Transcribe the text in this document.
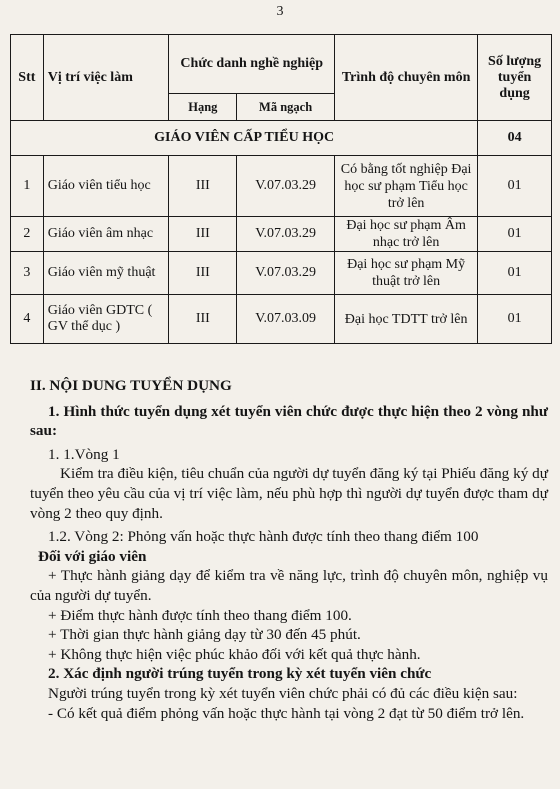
3
Stt	Vị trí việc làm	Chức danh nghề nghiệp		Trình độ chuyên môn	Số lượng tuyển dụng
		Hạng	Mã ngạch		
GIÁO VIÊN CẤP TIỂU HỌC					04
1	Giáo viên tiểu học	III	V.07.03.29	Có bằng tốt nghiệp Đại học sư phạm Tiểu học trở lên	01
2	Giáo viên âm nhạc	III	V.07.03.29	Đại học sư phạm Âm nhạc trở lên	01
3	Giáo viên mỹ thuật	III	V.07.03.29	Đại học sư phạm Mỹ thuật trở lên	01
4	Giáo viên GDTC ( GV thể dục )	III	V.07.03.09	Đại học TDTT trở lên	01

II. NỘI DUNG TUYỂN DỤNG

1. Hình thức tuyển dụng xét tuyển viên chức được thực hiện theo 2 vòng như sau:

1. 1.Vòng 1

Kiểm tra điều kiện, tiêu chuẩn của người dự tuyển đăng ký tại Phiếu đăng ký dự tuyển theo yêu cầu của vị trí việc làm, nếu phù hợp thì người dự tuyển được tham dự vòng 2 theo quy định.

1.2. Vòng 2: Phỏng vấn hoặc thực hành được tính theo thang điểm 100

Đối với giáo viên

+ Thực hành giảng dạy để kiểm tra về năng lực, trình độ chuyên môn, nghiệp vụ của người dự tuyển.

+ Điểm thực hành được tính theo thang điểm 100.

+ Thời gian thực hành giảng dạy từ 30 đến 45 phút.

+ Không thực hiện việc phúc khảo đối với kết quả thực hành.

2. Xác định người trúng tuyển trong kỳ xét tuyển viên chức

Người trúng tuyển trong kỳ xét tuyển viên chức phải có đủ các điều kiện sau:

- Có kết quả điểm phỏng vấn hoặc thực hành tại vòng 2 đạt từ 50 điểm trở lên.
